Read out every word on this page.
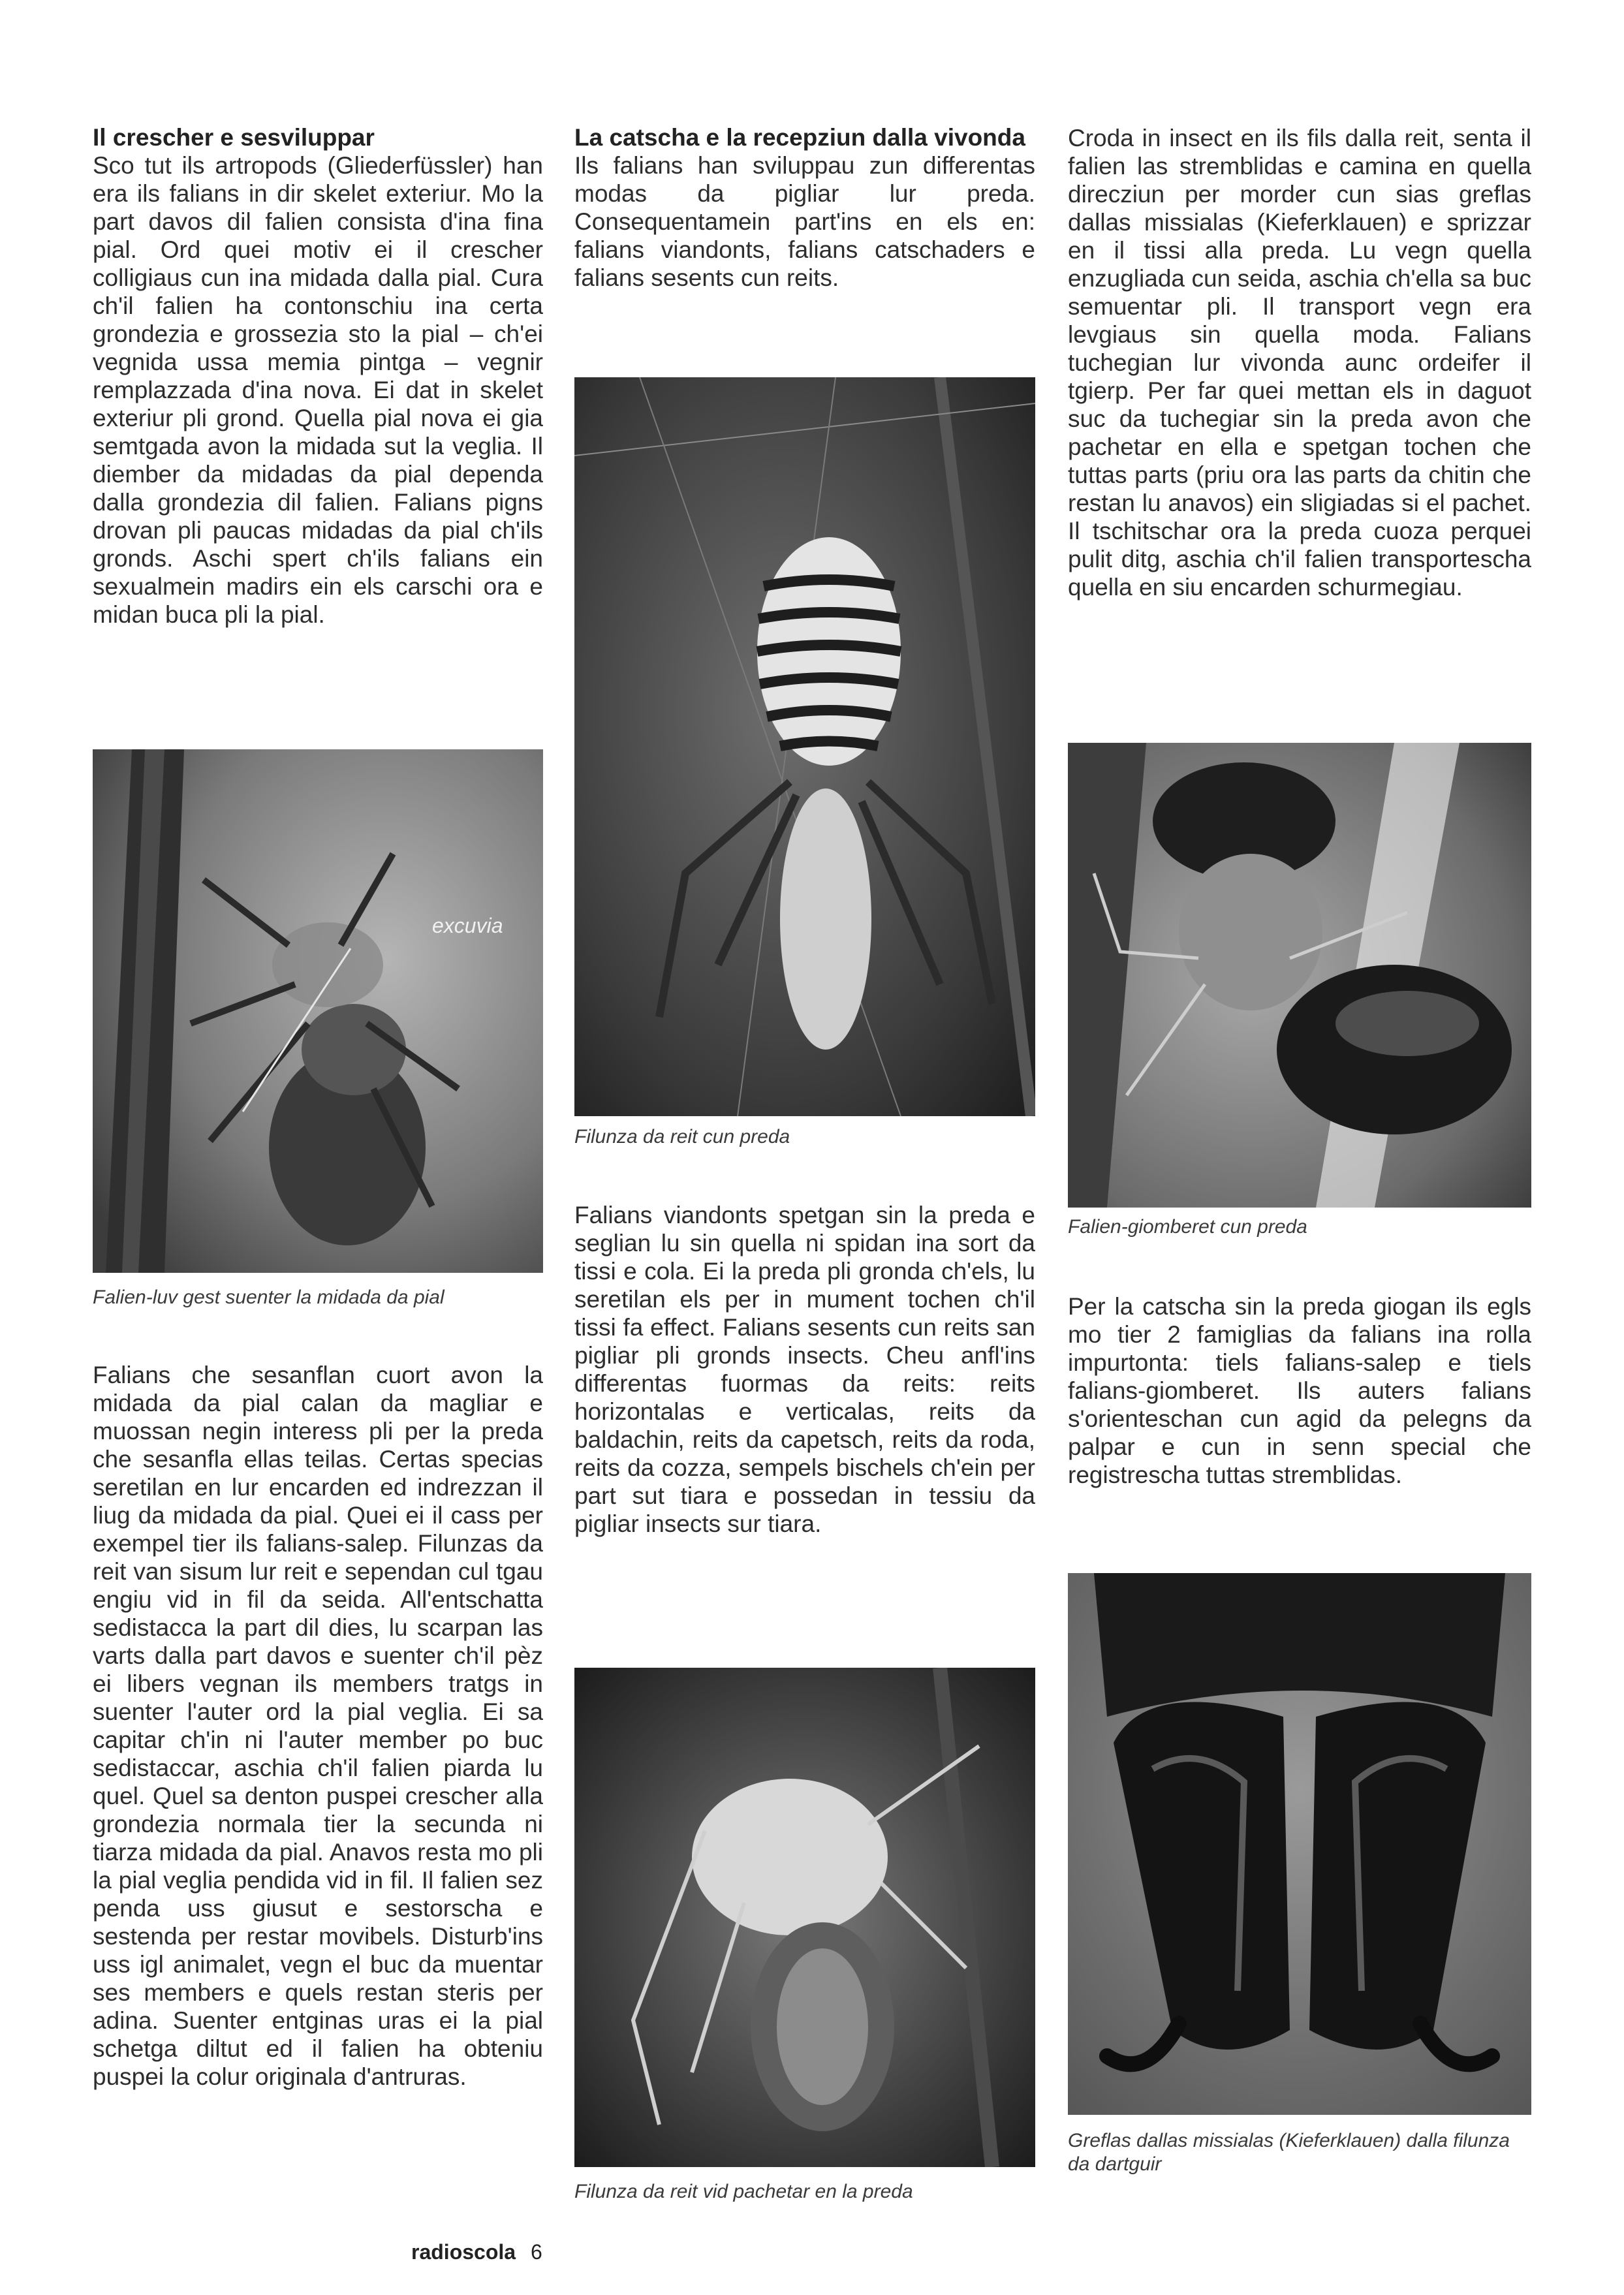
Il crescher e sesviluppar

Sco tut ils artropods (Gliederfüssler) han era ils falians in dir skelet exteriur. Mo la part davos dil falien consista d'ina fina pial. Ord quei motiv ei il crescher colligiaus cun ina midada dalla pial. Cura ch'il falien ha contonschiu ina certa grondezia e grossezia sto la pial – ch'ei vegnida ussa memia pintga – vegnir remplazzada d'ina nova. Ei dat in skelet exteriur pli grond. Quella pial nova ei gia semtgada avon la midada sut la veglia. Il diember da midadas da pial dependa dalla grondezia dil falien. Falians pigns drovan pli paucas midadas da pial ch'ils gronds. Aschi spert ch'ils falians ein sexualmein madirs ein els carschi ora e midan buca pli la pial.

excuvia

Falien-luv gest suenter la midada da pial

Falians che sesanflan cuort avon la midada da pial calan da magliar e muossan negin interess pli per la preda che sesanfla ellas teilas. Certas specias seretilan en lur encarden ed indrezzan il liug da midada da pial. Quei ei il cass per exempel tier ils falians-salep. Filunzas da reit van sisum lur reit e sependan cul tgau engiu vid in fil da seida. All'entschatta sedistacca la part dil dies, lu scarpan las varts dalla part davos e suenter ch'il pèz ei libers vegnan ils members tratgs in suenter l'auter ord la pial veglia. Ei sa capitar ch'in ni l'auter member po buc sedistaccar, aschia ch'il falien piarda lu quel. Quel sa denton puspei crescher alla grondezia normala tier la secunda ni tiarza midada da pial. Anavos resta mo pli la pial veglia pendida vid in fil. Il falien sez penda uss giusut e sestorscha e sestenda per restar movibels. Disturb'ins uss igl animalet, vegn el buc da muentar ses members e quels restan steris per adina. Suenter entginas uras ei la pial schetga diltut ed il falien ha obteniu puspei la colur originala d'antruras.

La catscha e la recepziun dalla vivonda

Ils falians han sviluppau zun differentas modas da pigliar lur preda. Consequentamein part'ins en els en: falians viandonts, falians catschaders e falians sesents cun reits.

Filunza da reit cun preda

Falians viandonts spetgan sin la preda e seglian lu sin quella ni spidan ina sort da tissi e cola. Ei la preda pli gronda ch'els, lu seretilan els per in mument tochen ch'il tissi fa effect. Falians sesents cun reits san pigliar pli gronds insects. Cheu anfl'ins differentas fuormas da reits: reits horizontalas e verticalas, reits da baldachin, reits da capetsch, reits da roda, reits da cozza, sempels bischels ch'ein per part sut tiara e possedan in tessiu da pigliar insects sur tiara.

Filunza da reit vid pachetar en la preda

Croda in insect en ils fils dalla reit, senta il falien las stremblidas e camina en quella direcziun per morder cun sias greflas dallas missialas (Kieferklauen) e sprizzar en il tissi alla preda. Lu vegn quella enzugliada cun seida, aschia ch'ella sa buc semuentar pli. Il transport vegn era levgiaus sin quella moda. Falians tuchegian lur vivonda aunc ordeifer il tgierp. Per far quei mettan els in daguot suc da tuchegiar sin la preda avon che pachetar en ella e spetgan tochen che tuttas parts (priu ora las parts da chitin che restan lu anavos) ein sligiadas si el pachet. Il tschitschar ora la preda cuoza perquei pulit ditg, aschia ch'il falien transportescha quella en siu encarden schurmegiau.

Falien-giomberet cun preda

Per la catscha sin la preda giogan ils egls mo tier 2 famiglias da falians ina rolla impurtonta: tiels falians-salep e tiels falians-giomberet. Ils auters falians s'orienteschan cun agid da pelegns da palpar e cun in senn special che registrescha tuttas stremblidas.

Greflas dallas missialas (Kieferklauen) dalla filunza da dartguir

radioscola 6
